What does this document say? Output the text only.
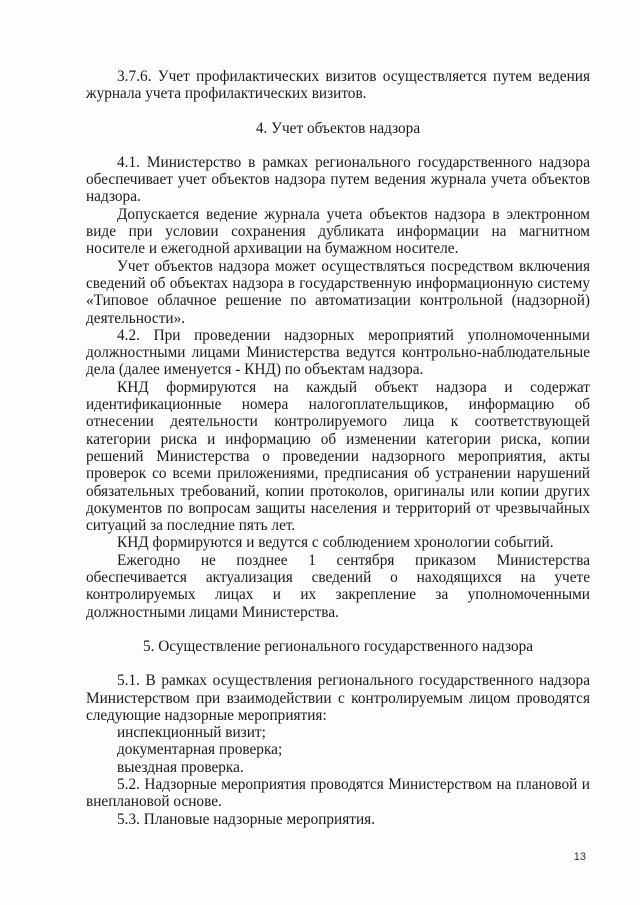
3.7.6. Учет профилактических визитов осуществляется путем ведения журнала учета профилактических визитов.

4. Учет объектов надзора

4.1. Министерство в рамках регионального государственного надзора обеспечивает учет объектов надзора путем ведения журнала учета объектов надзора.

Допускается ведение журнала учета объектов надзора в электронном виде при условии сохранения дубликата информации на магнитном носителе и ежегодной архивации на бумажном носителе.

Учет объектов надзора может осуществляться посредством включения сведений об объектах надзора в государственную информационную систему «Типовое облачное решение по автоматизации контрольной (надзорной) деятельности».

4.2. При проведении надзорных мероприятий уполномоченными должностными лицами Министерства ведутся контрольно-наблюдательные дела (далее именуется - КНД) по объектам надзора.

КНД формируются на каждый объект надзора и содержат идентификационные номера налогоплательщиков, информацию об отнесении деятельности контролируемого лица к соответствующей категории риска и информацию об изменении категории риска, копии решений Министерства о проведении надзорного мероприятия, акты проверок со всеми приложениями, предписания об устранении нарушений обязательных требований, копии протоколов, оригиналы или копии других документов по вопросам защиты населения и территорий от чрезвычайных ситуаций за последние пять лет.

КНД формируются и ведутся с соблюдением хронологии событий.

Ежегодно не позднее 1 сентября приказом Министерства обеспечивается актуализация сведений о находящихся на учете контролируемых лицах и их закрепление за уполномоченными должностными лицами Министерства.

5. Осуществление регионального государственного надзора

5.1. В рамках осуществления регионального государственного надзора Министерством при взаимодействии с контролируемым лицом проводятся следующие надзорные мероприятия:

инспекционный визит;

документарная проверка;

выездная проверка.

5.2. Надзорные мероприятия проводятся Министерством на плановой и внеплановой основе.

5.3. Плановые надзорные мероприятия.

13
